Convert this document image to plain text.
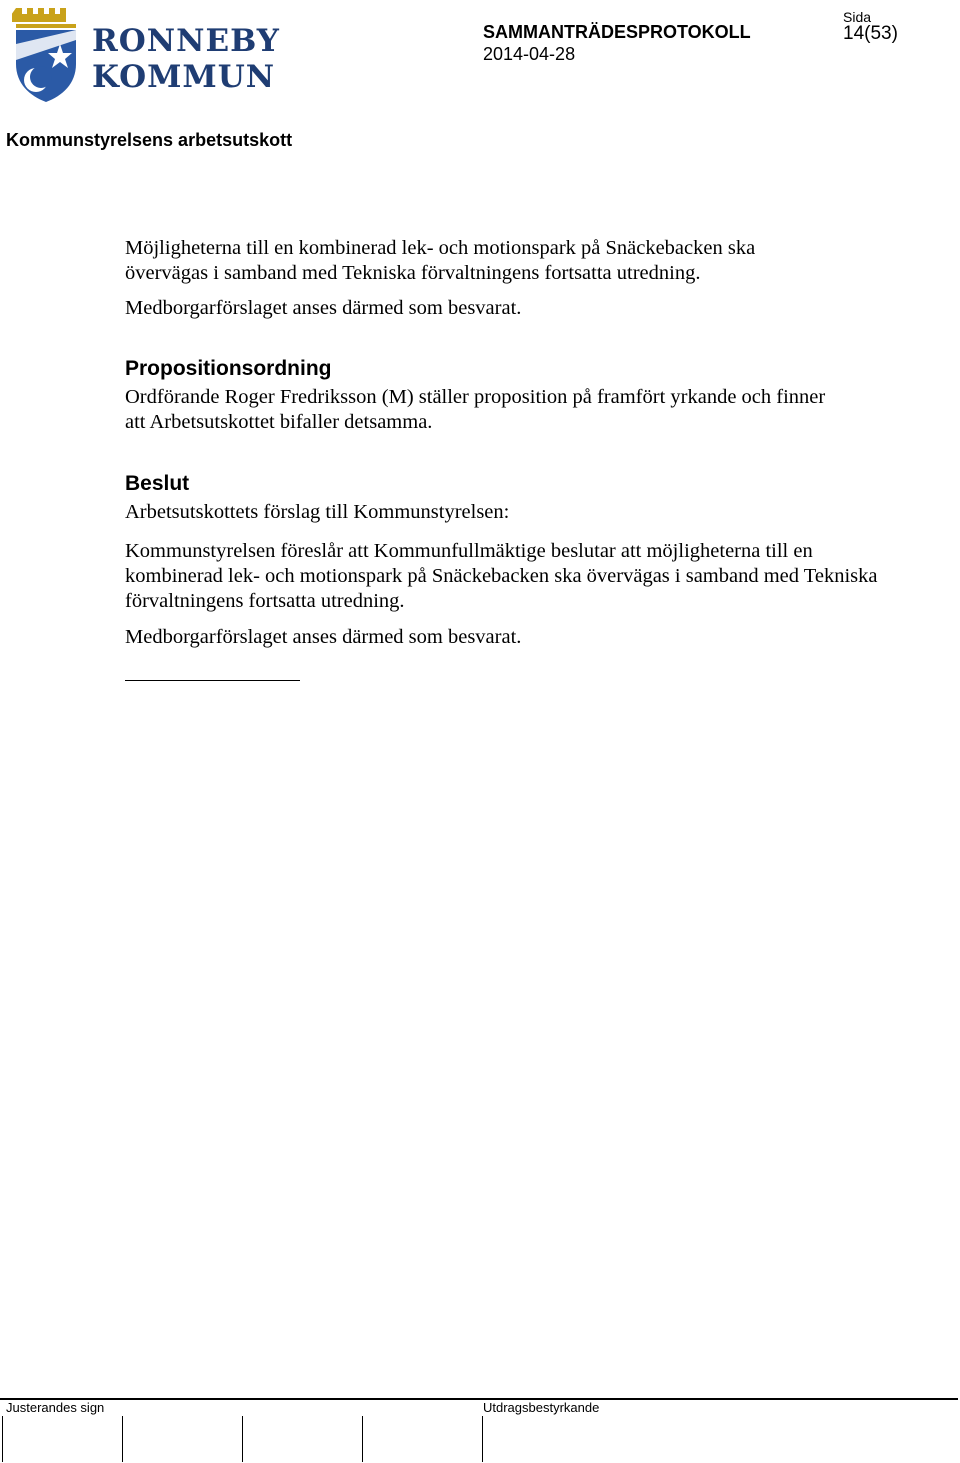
RONNEBY
KOMMUN
SAMMANTRÄDESPROTOKOLL
2014-04-28
Sida
14(53)
Kommunstyrelsens arbetsutskott

Möjligheterna till en kombinerad lek- och motionspark på Snäckebacken ska övervägas i samband med Tekniska förvaltningens fortsatta utredning.

Medborgarförslaget anses därmed som besvarat.

Propositionsordning

Ordförande Roger Fredriksson (M) ställer proposition på framfört yrkande och finner att Arbetsutskottet bifaller detsamma.

Beslut

Arbetsutskottets förslag till Kommunstyrelsen:

Kommunstyrelsen föreslår att Kommunfullmäktige beslutar att möjligheterna till en kombinerad lek- och motionspark på Snäckebacken ska övervägas i samband med Tekniska förvaltningens fortsatta utredning.

Medborgarförslaget anses därmed som besvarat.

Justerandes sign	Utdragsbestyrkande
